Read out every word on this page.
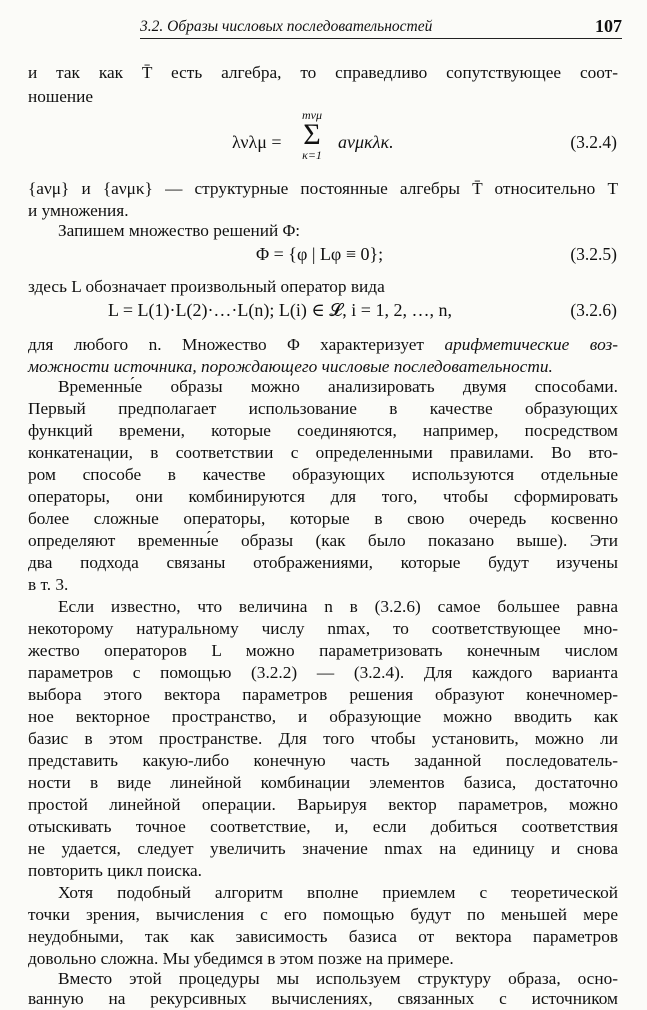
3.2. Образы числовых последовательностей	107
и так как T̄ есть алгебра, то справедливо сопутствующее соот-
ношение
λνλμ =
mνμ
Σ
κ=1
aνμκλκ.	(3.2.4)
{aνμ} и {aνμκ} — структурные постоянные алгебры T̄ относительно T
и умножения.
Запишем множество решений Φ:
Φ = {φ | Lφ ≡ 0};	(3.2.5)
здесь L обозначает произвольный оператор вида
L = L(1)·L(2)·…·L(n); L(i) ∈ 𝓛, i = 1, 2, …, n,	(3.2.6)
для любого n. Множество Φ характеризует арифметические воз-
можности источника, порождающего числовые последовательности.
Временны́е образы можно анализировать двумя способами.
Первый предполагает использование в качестве образующих
функций времени, которые соединяются, например, посредством
конкатенации, в соответствии с определенными правилами. Во вто-
ром способе в качестве образующих используются отдельные
операторы, они комбинируются для того, чтобы сформировать
более сложные операторы, которые в свою очередь косвенно
определяют временны́е образы (как было показано выше). Эти
два подхода связаны отображениями, которые будут изучены
в т. 3.
Если известно, что величина n в (3.2.6) самое большее равна
некоторому натуральному числу nmax, то соответствующее мно-
жество операторов L можно параметризовать конечным числом
параметров с помощью (3.2.2) — (3.2.4). Для каждого варианта
выбора этого вектора параметров решения образуют конечномер-
ное векторное пространство, и образующие можно вводить как
базис в этом пространстве. Для того чтобы установить, можно ли
представить какую-либо конечную часть заданной последователь-
ности в виде линейной комбинации элементов базиса, достаточно
простой линейной операции. Варьируя вектор параметров, можно
отыскивать точное соответствие, и, если добиться соответствия
не удается, следует увеличить значение nmax на единицу и снова
повторить цикл поиска.
Хотя подобный алгоритм вполне приемлем с теоретической
точки зрения, вычисления с его помощью будут по меньшей мере
неудобными, так как зависимость базиса от вектора параметров
довольно сложна. Мы убедимся в этом позже на примере.
Вместо этой процедуры мы используем структуру образа, осно-
ванную на рекурсивных вычислениях, связанных с источником
